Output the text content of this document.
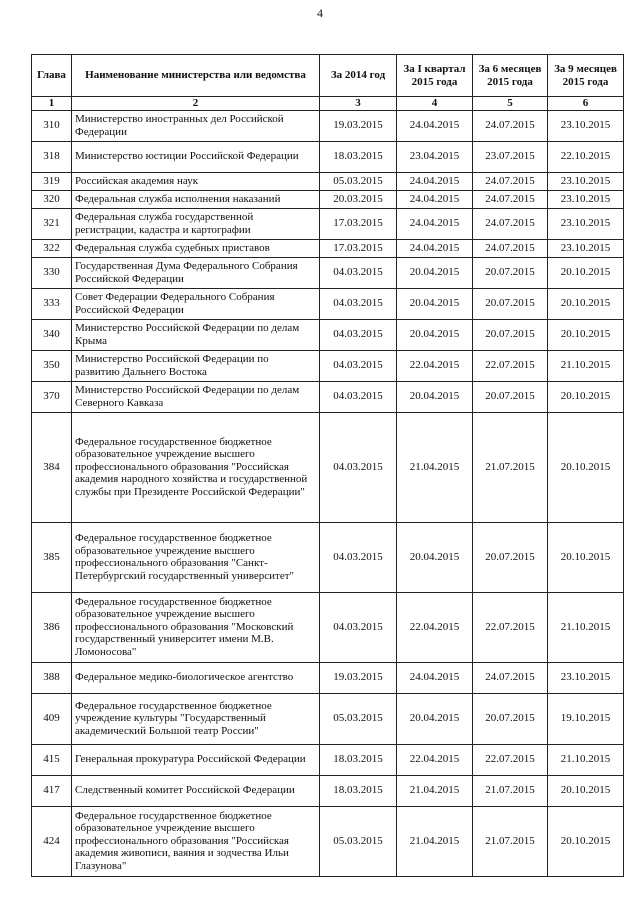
4
Глава	Наименование министерства или ведомства	За 2014 год	За I квартал 2015 года	За 6 месяцев 2015 года	За 9 месяцев 2015 года
1	2	3	4	5	6
310	Министерство иностранных дел Российской Федерации	19.03.2015	24.04.2015	24.07.2015	23.10.2015
318	Министерство юстиции Российской Федерации	18.03.2015	23.04.2015	23.07.2015	22.10.2015
319	Российская академия наук	05.03.2015	24.04.2015	24.07.2015	23.10.2015
320	Федеральная служба исполнения наказаний	20.03.2015	24.04.2015	24.07.2015	23.10.2015
321	Федеральная служба государственной регистрации, кадастра и картографии	17.03.2015	24.04.2015	24.07.2015	23.10.2015
322	Федеральная служба судебных приставов	17.03.2015	24.04.2015	24.07.2015	23.10.2015
330	Государственная Дума Федерального Собрания Российской Федерации	04.03.2015	20.04.2015	20.07.2015	20.10.2015
333	Совет Федерации Федерального Собрания Российской Федерации	04.03.2015	20.04.2015	20.07.2015	20.10.2015
340	Министерство Российской Федерации по делам Крыма	04.03.2015	20.04.2015	20.07.2015	20.10.2015
350	Министерство Российской Федерации по развитию Дальнего Востока	04.03.2015	22.04.2015	22.07.2015	21.10.2015
370	Министерство Российской Федерации по делам Северного Кавказа	04.03.2015	20.04.2015	20.07.2015	20.10.2015
384	Федеральное государственное бюджетное образовательное учреждение высшего профессионального образования "Российская академия народного хозяйства и государственной службы при Президенте Российской Федерации"	04.03.2015	21.04.2015	21.07.2015	20.10.2015
385	Федеральное государственное бюджетное образовательное учреждение высшего профессионального образования "Санкт-Петербургский государственный университет"	04.03.2015	20.04.2015	20.07.2015	20.10.2015
386	Федеральное государственное бюджетное образовательное учреждение высшего профессионального образования "Московский государственный университет имени М.В. Ломоносова"	04.03.2015	22.04.2015	22.07.2015	21.10.2015
388	Федеральное медико-биологическое агентство	19.03.2015	24.04.2015	24.07.2015	23.10.2015
409	Федеральное государственное бюджетное учреждение культуры "Государственный академический Большой театр России"	05.03.2015	20.04.2015	20.07.2015	19.10.2015
415	Генеральная прокуратура Российской Федерации	18.03.2015	22.04.2015	22.07.2015	21.10.2015
417	Следственный комитет Российской Федерации	18.03.2015	21.04.2015	21.07.2015	20.10.2015
424	Федеральное государственное бюджетное образовательное учреждение высшего профессионального образования "Российская академия живописи, ваяния и зодчества Ильи Глазунова"	05.03.2015	21.04.2015	21.07.2015	20.10.2015
